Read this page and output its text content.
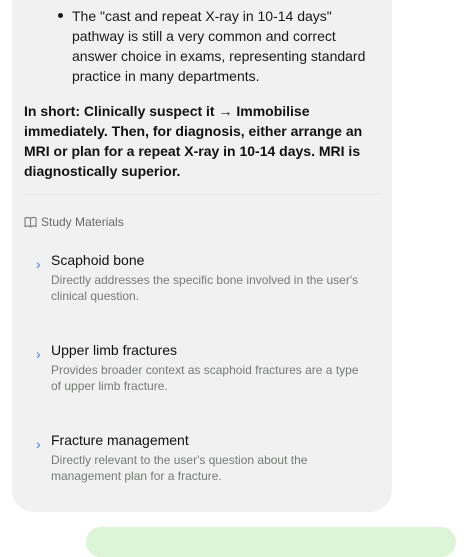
The "cast and repeat X-ray in 10-14 days" pathway is still a very common and correct answer choice in exams, representing standard practice in many departments.
In short: Clinically suspect it → Immobilise immediately. Then, for diagnosis, either arrange an MRI or plan for a repeat X-ray in 10-14 days. MRI is diagnostically superior.
Study Materials
› Scaphoid bone
Directly addresses the specific bone involved in the user's clinical question.
› Upper limb fractures
Provides broader context as scaphoid fractures are a type of upper limb fracture.
› Fracture management
Directly relevant to the user's question about the management plan for a fracture.
